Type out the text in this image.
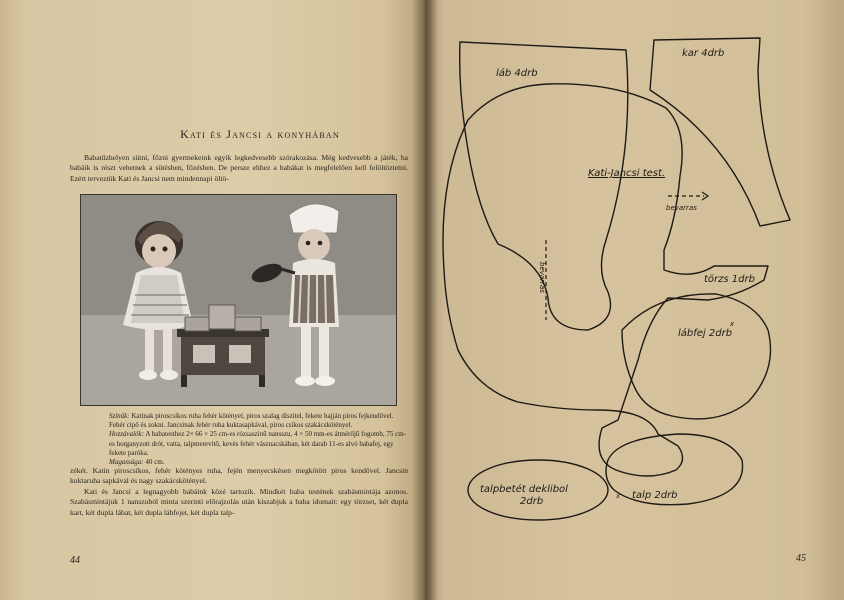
Kati és Jancsi a konyhában

Babatűzhelyen sütni, főzni gyermekeink egyik legkedvesebb szórakozása. Még kedvesebb a játék, ha babáik is részt vehetnek a sütésben, főzésben. De persze ehhez a babákat is megfelelően kell felöltöztetni. Ezért terveztük Kati és Jancsi nem mindennapi öltö-

Színük: Katinak piroscsíkos ruha fehér kötényel, piros szalag díszítel, fekete hajján piros fejkendővel. Fehér cipő és zokni. Jancsinak fehér ruha kuktasapkával, piros csíkos szakácskötényel.

Hozzávalók: A babatesthez 2× 66 × 25 cm-es rózsaszínű nansszu, 4 × 50 mm-es átmérőjű fogomb, 75 cm-es horganyzott drót, vatta, talpmerevítő, kevés fehér vásznacskában, két darab 11-es alvó babafej, egy fekete paróka.

Magassága: 40 cm.

zékét. Katin piroscsíkos, fehér kötényes ruha, fején menyecskésen megkötött piros kendővel. Jancsin kuktaruha sapkával és nagy szakácskötényel.

Kati és Jancsi a legnagyobb babáink közé tartozik. Mindkét baba testének szabásmintája azonos. Szabásmintájuk 1 nanszuból minta szerinti előrajzolás után kiszabjuk a baba idomait: egy törzset, két dupla kart, két dupla lábat, két dupla lábfejet, két dupla talp-

44
x
x
láb 4drb
kar 4drb
Kati-Jancsi test.
bevarras
bevarras	törzs 1drb
lábfej 2drb
talpbetét deklibol
2drb
talp 2drb
45
